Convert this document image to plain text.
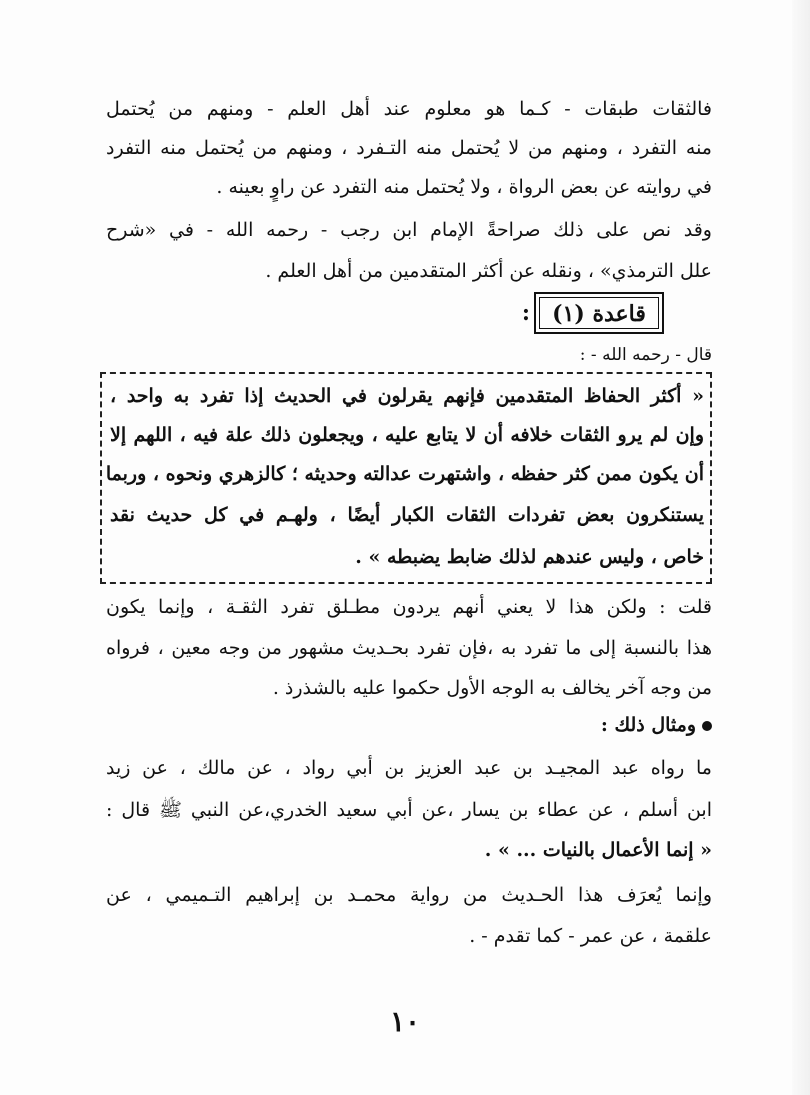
فالثقات طبقات - كـما هو معلوم عند أهل العلم - ومنهم من يُحتمل
منه التفرد ، ومنهم من لا يُحتمل منه التـفرد ، ومنهم من يُحتمل منه التفرد
في روايته عن بعض الرواة ، ولا يُحتمل منه التفرد عن راوٍ بعينه .
وقد نص على ذلك صراحةً الإمام ابن رجب - رحمه الله - في «شرح
علل الترمذي» ، ونقله عن أكثر المتقدمين من أهل العلم .
قاعدة (١)
:
قال - رحمه الله - :
« أكثر الحفاظ المتقدمين فإنهم يقرلون في الحديث إذا تفرد به واحد ،
وإن لم يرو الثقات خلافه أن لا يتابع عليه ، ويجعلون ذلك علة فيه ، اللهم إلا
أن يكون ممن كثر حفظه ، واشتهرت عدالته وحديثه ؛ كالزهري ونحوه ، وربما
يستنكرون بعض تفردات الثقات الكبار أيضًا ، ولهـم في كل حديث نقد
خاص ، وليس عندهم لذلك ضابط يضبطه » .
قلت : ولكن هذا لا يعني أنهم يردون مطـلق تفرد الثقـة ، وإنما يكون
هذا بالنسبة إلى ما تفرد به ،فإن تفرد بحـديث مشهور من وجه معين ، فرواه
من وجه آخر يخالف به الوجه الأول حكموا عليه بالشذرذ .
ومثال ذلك :
ما رواه عبد المجيـد بن عبد العزيز بن أبي رواد ، عن مالك ، عن زيد
ابن أسلم ، عن عطاء بن يسار ،عن أبي سعيد الخدري،عن النبي ﷺ قال :
« إنما الأعمال بالنيات ... » .
وإنما يُعرَف هذا الحـديث من رواية محمـد بن إبراهيم التـميمي ، عن
علقمة ، عن عمر - كما تقدم - .
١٠
